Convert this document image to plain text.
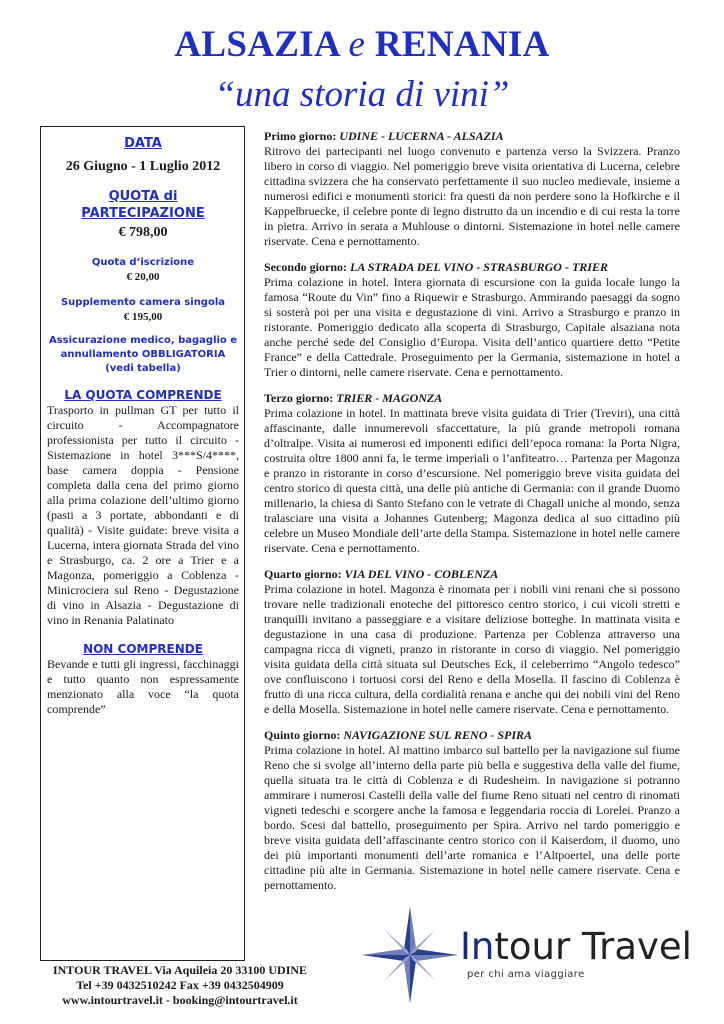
ALSAZIA e RENANIA
“una storia di vini”

DATA

26 Giugno - 1 Luglio 2012

QUOTA di
PARTECIPAZIONE

€ 798,00

Quota d’iscrizione

€ 20,00

Supplemento camera singola

€ 195,00

Assicurazione medico, bagaglio e
annullamento OBBLIGATORIA
(vedi tabella)

LA QUOTA COMPRENDE

Trasporto in pullman GT per tutto il circuito - Accompagnatore professionista per tutto il circuito - Sistemazione in hotel 3***S/4****, base camera doppia - Pensione completa dalla cena del primo giorno alla prima colazione dell’ultimo giorno (pasti a 3 portate, abbondanti e di qualità) - Visite guidate: breve visita a Lucerna, intera giornata Strada del vino e Strasburgo, ca. 2 ore a Trier e a Magonza, pomeriggio a Coblenza - Minicrociera sul Reno - Degustazione di vino in Alsazia - Degustazione di vino in Renania Palatinato

NON COMPRENDE

Bevande e tutti gli ingressi, facchinaggi e tutto quanto non espressamente menzionato alla voce “la quota comprende”

Primo giorno: UDINE - LUCERNA - ALSAZIA

Ritrovo dei partecipanti nel luogo convenuto e partenza verso la Svizzera. Pranzo libero in corso di viaggio. Nel pomeriggio breve visita orientativa di Lucerna, celebre cittadina svizzera che ha conservato perfettamente il suo nucleo medievale, insieme a numerosi edifici e monumenti storici: fra questi da non perdere sono la Hofkirche e il Kappelbruecke, il celebre ponte di legno distrutto da un incendio e di cui resta la torre in pietra. Arrivo in serata a Muhlouse o dintorni. Sistemazione in hotel nelle camere riservate. Cena e pernottamento.

Secondo giorno: LA STRADA DEL VINO - STRASBURGO - TRIER

Prima colazione in hotel. Intera giornata di escursione con la guida locale lungo la famosa “Route du Vin” fino a Riquewir e Strasburgo. Ammirando paesaggi da sogno si sosterà poi per una visita e degustazione di vini. Arrivo a Strasburgo e pranzo in ristorante. Pomeriggio dedicato alla scoperta di Strasburgo, Capitale alsaziana nota anche perché sede del Consiglio d’Europa. Visita dell’antico quartiere detto “Petite France” e della Cattedrale. Proseguimento per la Germania, sistemazione in hotel a Trier o dintorni, nelle camere riservate. Cena e pernottamento.

Terzo giorno: TRIER - MAGONZA

Prima colazione in hotel. In mattinata breve visita guidata di Trier (Treviri), una città affascinante, dalle innumerevoli sfaccettature, la più grande metropoli romana d’oltralpe. Visita ai numerosi ed imponenti edifici dell’epoca romana: la Porta Nigra, costruita oltre 1800 anni fa, le terme imperiali o l’anfiteatro… Partenza per Magonza e pranzo in ristorante in corso d’escursione. Nel pomeriggio breve visita guidata del centro storico di questa città, una delle più antiche di Germania: con il grande Duomo millenario, la chiesa di Santo Stefano con le vetrate di Chagall uniche al mondo, senza tralasciare una visita a Johannes Gutenberg; Magonza dedica al suo cittadino più celebre un Museo Mondiale dell’arte della Stampa. Sistemazione in hotel nelle camere riservate. Cena e pernottamento.

Quarto giorno: VIA DEL VINO - COBLENZA

Prima colazione in hotel. Magonza è rinomata per i nobili vini renani che si possono trovare nelle tradizionali enoteche del pittoresco centro storico, i cui vicoli stretti e tranquilli invitano a passeggiare e a visitare deliziose botteghe. In mattinata visita e degustazione in una casa di produzione. Partenza per Coblenza attraverso una campagna ricca di vigneti, pranzo in ristorante in corso di viaggio. Nel pomeriggio visita guidata della città situata sul Deutsches Eck, il celeberrimo “Angolo tedesco” ove confluiscono i tortuosi corsi del Reno e della Mosella. Il fascino di Coblenza è frutto di una ricca cultura, della cordialità renana e anche qui dei nobili vini del Reno e della Mosella. Sistemazione in hotel nelle camere riservate. Cena e pernottamento.

Quinto giorno: NAVIGAZIONE SUL RENO - SPIRA

Prima colazione in hotel. Al mattino imbarco sul battello per la navigazione sul fiume Reno che si svolge all’interno della parte più bella e suggestiva della valle del fiume, quella situata tra le città di Coblenza e di Rudesheim. In navigazione si potranno ammirare i numerosi Castelli della valle del fiume Reno situati nel centro di rinomati vigneti tedeschi e scorgere anche la famosa e leggendaria roccia di Lorelei. Pranzo a bordo. Scesi dal battello, proseguimento per Spira. Arrivo nel tardo pomeriggio e breve visita guidata dell’affascinante centro storico con il Kaiserdom, il duomo, uno dei più importanti monumenti dell’arte romanica e l’Altpoertel, una delle porte cittadine più alte in Germania. Sistemazione in hotel nelle camere riservate. Cena e pernottamento.

INTOUR TRAVEL Via Aquileia 20 33100 UDINE

Tel +39 0432510242 Fax +39 0432504909

www.intourtravel.it - booking@intourtravel.it

Intour Travel
per chi ama viaggiare
